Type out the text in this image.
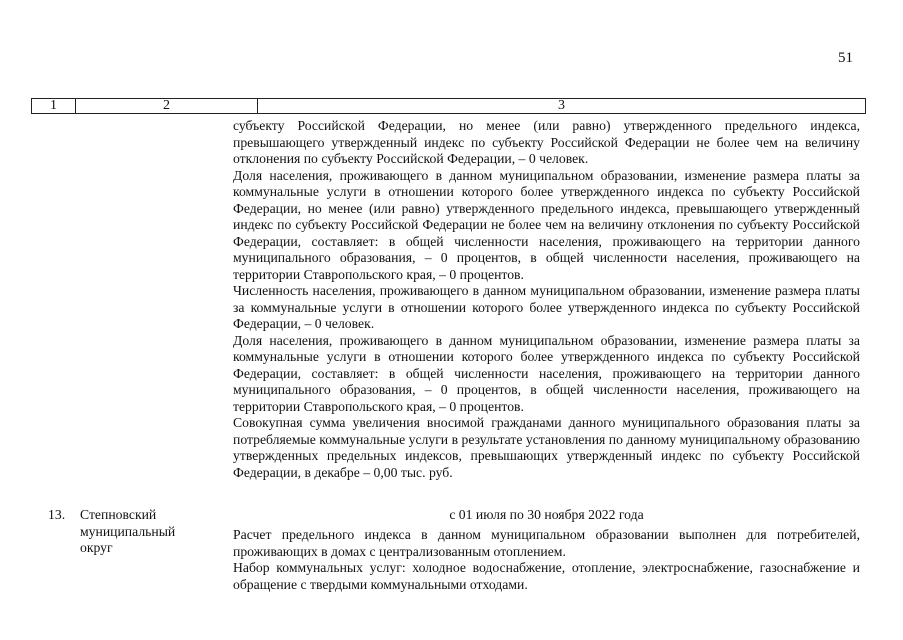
51
1	2	3

субъекту Российской Федерации, но менее (или равно) утвержденного предельного индекса, превышающего утвержденный индекс по субъекту Российской Федерации не более чем на величину отклонения по субъекту Российской Федерации, – 0 человек.

Доля населения, проживающего в данном муниципальном образовании, изменение размера платы за коммунальные услуги в отношении которого более утвержденного индекса по субъекту Российской Федерации, но менее (или равно) утвержденного предельного индекса, превышающего утвержденный индекс по субъекту Российской Федерации не более чем на величину отклонения по субъекту Российской Федерации, составляет: в общей численности населения, проживающего на территории данного муниципального образования, – 0 процентов, в общей численности населения, проживающего на территории Ставропольского края, – 0 процентов.

Численность населения, проживающего в данном муниципальном образовании, изменение размера платы за коммунальные услуги в отношении которого более утвержденного индекса по субъекту Российской Федерации, – 0 человек.

Доля населения, проживающего в данном муниципальном образовании, изменение размера платы за коммунальные услуги в отношении которого более утвержденного индекса по субъекту Российской Федерации, составляет: в общей численности населения, проживающего на территории данного муниципального образования, – 0 процентов, в общей численности населения, проживающего на территории Ставропольского края, – 0 процентов.

Совокупная сумма увеличения вносимой гражданами данного муниципального образования платы за потребляемые коммунальные услуги в результате установления по данному муниципальному образованию утвержденных предельных индексов, превышающих утвержденный индекс по субъекту Российской Федерации, в декабре – 0,00 тыс. руб.

13. Степновский муниципальный округ
с 01 июля по 30 ноября 2022 года

Расчет предельного индекса в данном муниципальном образовании выполнен для потребителей, проживающих в домах с централизованным отоплением.

Набор коммунальных услуг: холодное водоснабжение, отопление, электроснабжение, газоснабжение и обращение с твердыми коммунальными отходами.
